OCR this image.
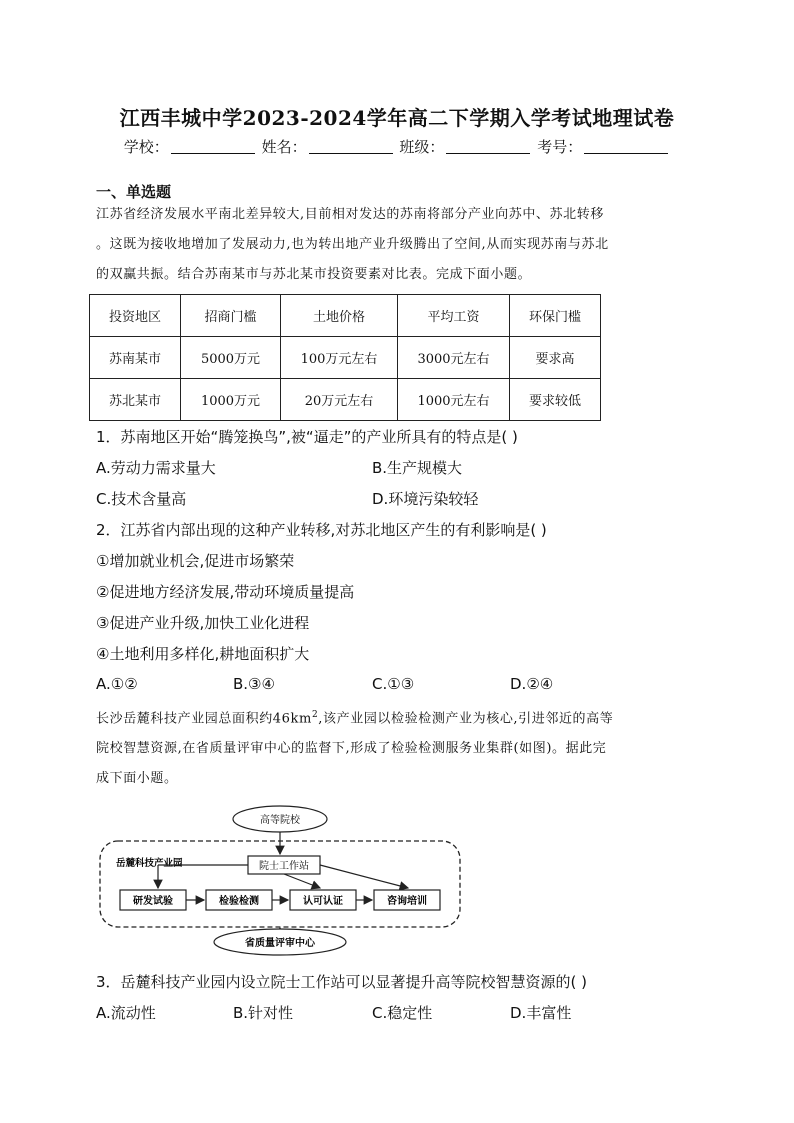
江西丰城中学2023-2024学年高二下学期入学考试地理试卷
学校：	姓名：	班级：	考号：
一、单选题
江苏省经济发展水平南北差异较大,目前相对发达的苏南将部分产业向苏中、苏北转移
。这既为接收地增加了发展动力,也为转出地产业升级腾出了空间,从而实现苏南与苏北
的双赢共振。结合苏南某市与苏北某市投资要素对比表。完成下面小题。
投资地区	招商门槛	土地价格	平均工资	环保门槛
苏南某市	5000万元	100万元左右	3000元左右	要求高
苏北某市	1000万元	20万元左右	1000元左右	要求较低
1．苏南地区开始“腾笼换鸟”,被“逼走”的产业所具有的特点是( )
A.劳动力需求量大	B.生产规模大
C.技术含量高	D.环境污染较轻
2．江苏省内部出现的这种产业转移,对苏北地区产生的有利影响是( )
①增加就业机会,促进市场繁荣
②促进地方经济发展,带动环境质量提高
③促进产业升级,加快工业化进程
④土地利用多样化,耕地面积扩大
A.①②	B.③④	C.①③	D.②④
长沙岳麓科技产业园总面积约$46km^2$,该产业园以检验检测产业为核心,引进邻近的高等
院校智慧资源,在省质量评审中心的监督下,形成了检验检测服务业集群(如图)。据此完
成下面小题。
高等院校
岳麓科技产业园	院士工作站
研发试验	检验检测	认可认证	咨询培训
省质量评审中心
3．岳麓科技产业园内设立院士工作站可以显著提升高等院校智慧资源的( )
A.流动性	B.针对性	C.稳定性	D.丰富性
